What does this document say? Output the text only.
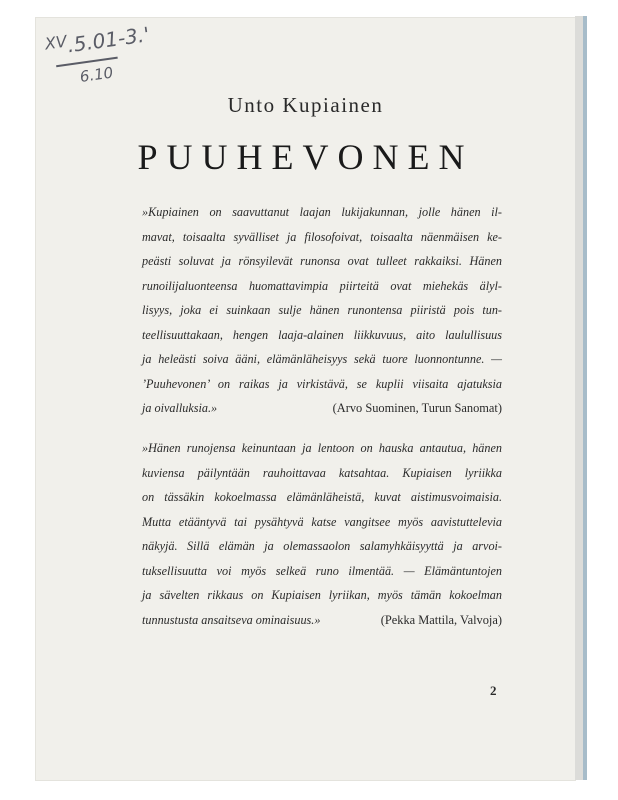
XV
.5.01-3.'
6.10
Unto Kupiainen
PUUHEVONEN
»Kupiainen on saavuttanut laajan lukijakunnan, jolle hänen il-
mavat, toisaalta syvälliset ja filosofoivat, toisaalta näenmäisen ke-
peästi soluvat ja rönsyilevät runonsa ovat tulleet rakkaiksi. Hänen
runoilijaluonteensa huomattavimpia piirteitä ovat miehekäs älyl-
lisyys, joka ei suinkaan sulje hänen runontensa piiristä pois tun-
teellisuuttakaan, hengen laaja-alainen liikkuvuus, aito laulullisuus
ja heleästi soiva ääni, elämänläheisyys sekä tuore luonnontunne. —
’Puuhevonen’ on raikas ja virkistävä, se kuplii viisaita ajatuksia
ja oivalluksia.»	(Arvo Suominen, Turun Sanomat)
»Hänen runojensa keinuntaan ja lentoon on hauska antautua, hänen
kuviensa päilyntään rauhoittavaa katsahtaa. Kupiaisen lyriikka
on tässäkin kokoelmassa elämänläheistä, kuvat aistimusvoimaisia.
Mutta etääntyvä tai pysähtyvä katse vangitsee myös aavistuttelevia
näkyjä. Sillä elämän ja olemassaolon salamyhkäisyyttä ja arvoi-
tuksellisuutta voi myös selkeä runo ilmentää. — Elämäntuntojen
ja sävelten rikkaus on Kupiaisen lyriikan, myös tämän kokoelman
tunnustusta ansaitseva ominaisuus.»	(Pekka Mattila, Valvoja)
2
